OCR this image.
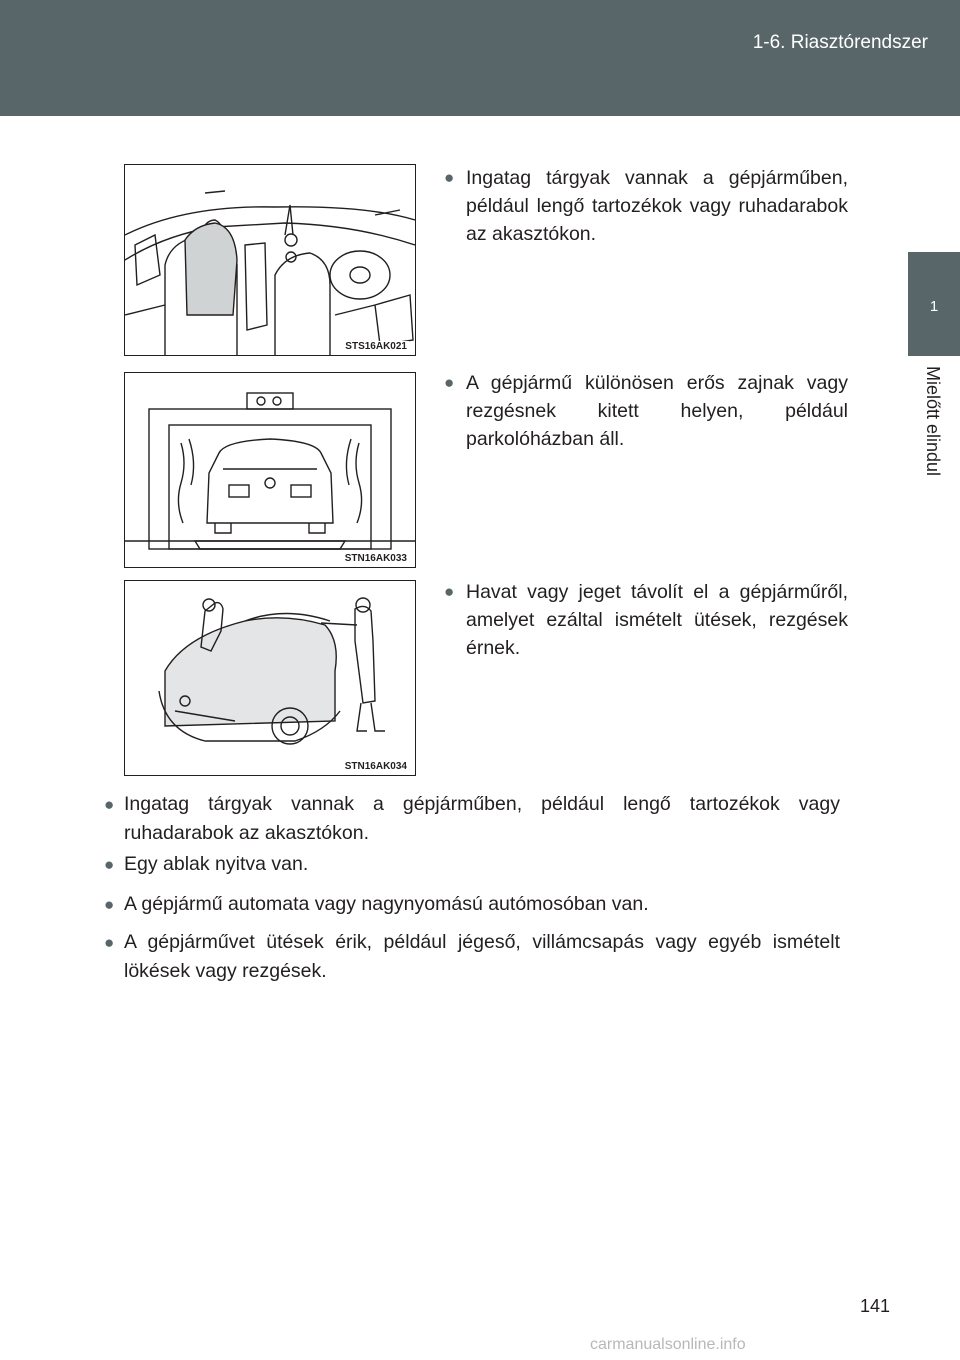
1-6. Riasztórendszer
1
Mielőtt elindul
STS16AK021
● Ingatag tárgyak vannak a gépjárműben, például lengő tartozékok vagy ruhadarabok az akasztókon.
STN16AK033
● A gépjármű különösen erős zajnak vagy rezgésnek kitett helyen, például parkolóházban áll.
STN16AK034
● Havat vagy jeget távolít el a gépjárműről, amelyet ezáltal ismételt ütések, rezgések érnek.
● Ingatag tárgyak vannak a gépjárműben, például lengő tartozékok vagy ruhadarabok az akasztókon.
● Egy ablak nyitva van.
● A gépjármű automata vagy nagynyomású autómosóban van.
● A gépjárművet ütések érik, például jégeső, villámcsapás vagy egyéb ismételt lökések vagy rezgések.
141
carmanualsonline.info
